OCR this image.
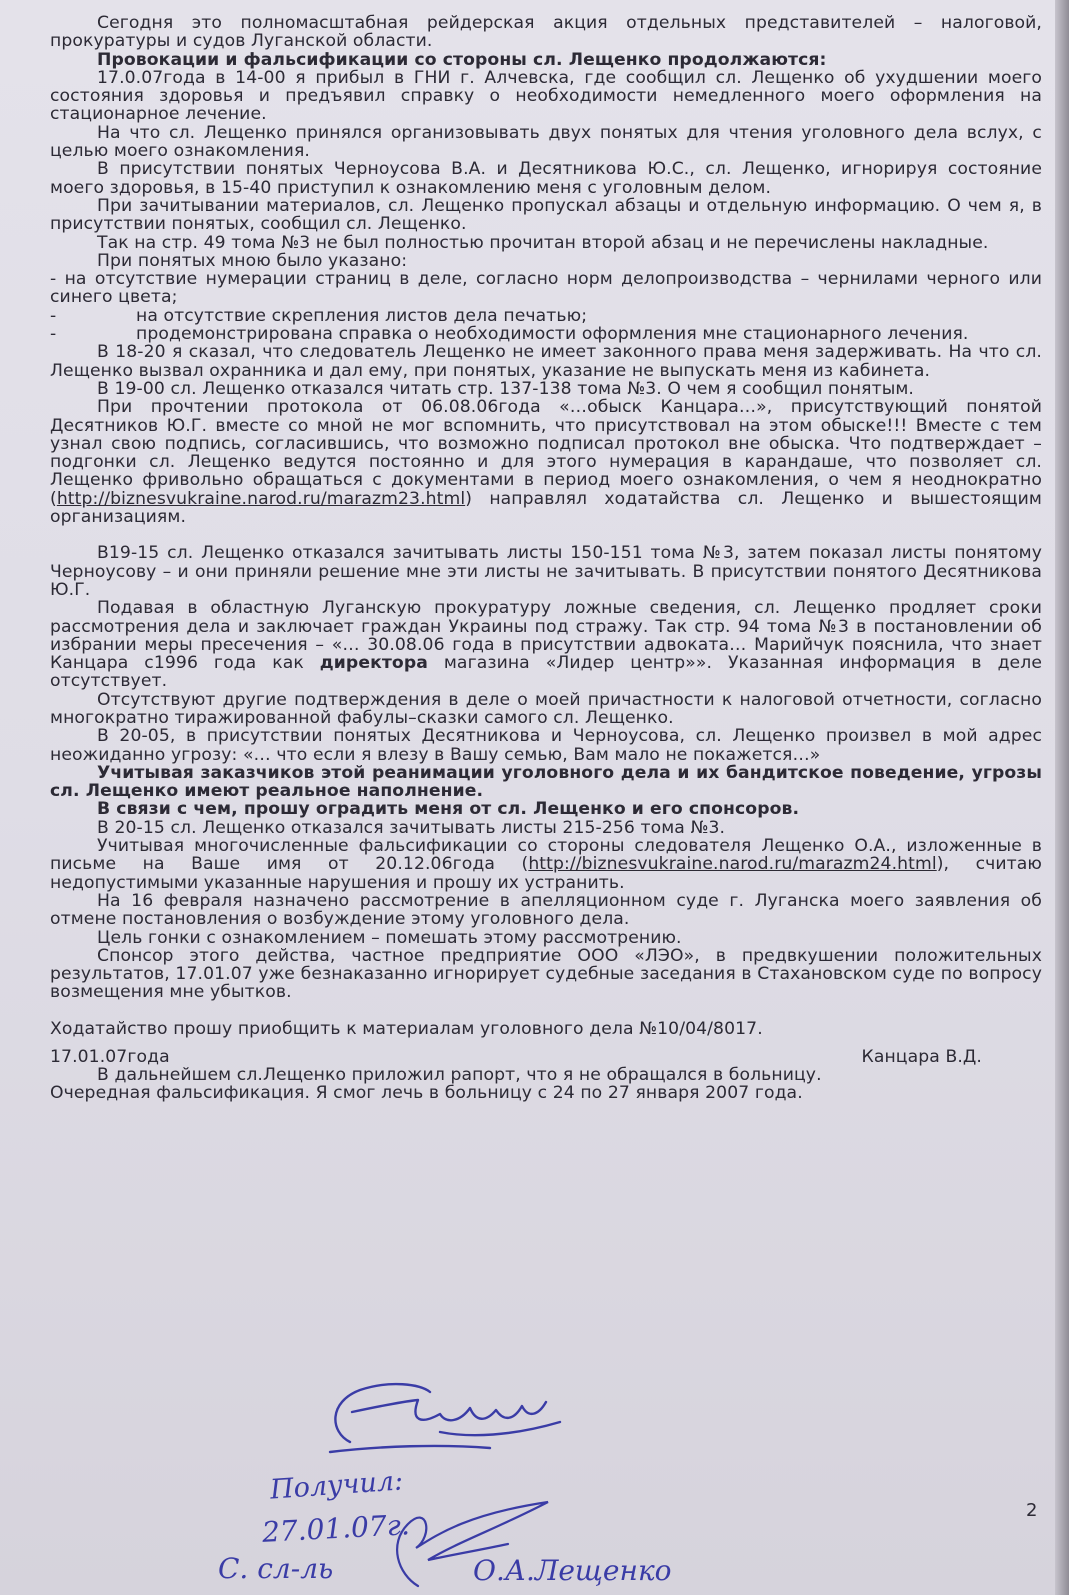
Сегодня это полномасштабная рейдерская акция отдельных представителей – налоговой, прокуратуры и судов Луганской области.

Провокации и фальсификации со стороны сл. Лещенко продолжаются:

17.0.07года в 14-00 я прибыл в ГНИ г. Алчевска, где сообщил сл. Лещенко об ухудшении моего состояния здоровья и предъявил справку о необходимости немедленного моего оформления на стационарное лечение.

На что сл. Лещенко принялся организовывать двух понятых для чтения уголовного дела вслух, с целью моего ознакомления.

В присутствии понятых Черноусова В.А. и Десятникова Ю.С., сл. Лещенко, игнорируя состояние моего здоровья, в 15-40 приступил к ознакомлению меня с уголовным делом.

При зачитывании материалов, сл. Лещенко пропускал абзацы и отдельную информацию. О чем я, в присутствии понятых, сообщил сл. Лещенко.

Так на стр. 49 тома №3 не был полностью прочитан второй абзац и не перечислены накладные.

При понятых мною было указано:

- на отсутствие нумерации страниц в деле, согласно норм делопроизводства – чернилами черного или синего цвета;
- на отсутствие скрепления листов дела печатью;
- продемонстрирована справка о необходимости оформления мне стационарного лечения.

В 18-20 я сказал, что следователь Лещенко не имеет законного права меня задерживать. На что сл. Лещенко вызвал охранника и дал ему, при понятых, указание не выпускать меня из кабинета.

В 19-00 сл. Лещенко отказался читать стр. 137-138 тома №3. О чем я сообщил понятым.

При прочтении протокола от 06.08.06года «…обыск Канцара…», присутствующий понятой Десятников Ю.Г. вместе со мной не мог вспомнить, что присутствовал на этом обыске!!! Вместе с тем узнал свою подпись, согласившись, что возможно подписал протокол вне обыска. Что подтверждает – подгонки сл. Лещенко ведутся постоянно и для этого нумерация в карандаше, что позволяет сл. Лещенко фривольно обращаться с документами в период моего ознакомления, о чем я неоднократно (http://biznesvukraine.narod.ru/marazm23.html) направлял ходатайства сл. Лещенко и вышестоящим организациям.

В19-15 сл. Лещенко отказался зачитывать листы 150-151 тома №3, затем показал листы понятому Черноусову – и они приняли решение мне эти листы не зачитывать. В присутствии понятого Десятникова Ю.Г.

Подавая в областную Луганскую прокуратуру ложные сведения, сл. Лещенко продляет сроки рассмотрения дела и заключает граждан Украины под стражу. Так стр. 94 тома №3 в постановлении об избрании меры пресечения – «… 30.08.06 года в присутствии адвоката… Марийчук пояснила, что знает Канцара с1996 года как директора магазина «Лидер центр»». Указанная информация в деле отсутствует.

Отсутствуют другие подтверждения в деле о моей причастности к налоговой отчетности, согласно многократно тиражированной фабулы–сказки самого сл. Лещенко.

В 20-05, в присутствии понятых Десятникова и Черноусова, сл. Лещенко произвел в мой адрес неожиданно угрозу: «… что если я влезу в Вашу семью, Вам мало не покажется…»

Учитывая заказчиков этой реанимации уголовного дела и их бандитское поведение, угрозы сл. Лещенко имеют реальное наполнение.

В связи с чем, прошу оградить меня от сл. Лещенко и его спонсоров.

В 20-15 сл. Лещенко отказался зачитывать листы 215-256 тома №3.

Учитывая многочисленные фальсификации со стороны следователя Лещенко О.А., изложенные в письме на Ваше имя от 20.12.06года (http://biznesvukraine.narod.ru/marazm24.html), считаю недопустимыми указанные нарушения и прошу их устранить.

На 16 февраля назначено рассмотрение в апелляционном суде г. Луганска моего заявления об отмене постановления о возбуждение этому уголовного дела.

Цель гонки с ознакомлением – помешать этому рассмотрению.

Спонсор этого действа, частное предприятие ООО «ЛЭО», в предвкушении положительных результатов, 17.01.07 уже безнаказанно игнорирует судебные заседания в Стахановском суде по вопросу возмещения мне убытков.

Ходатайство прошу приобщить к материалам уголовного дела №10/04/8017.

17.01.07года	Канцара В.Д.

В дальнейшем сл.Лещенко приложил рапорт, что я не обращался в больницу.

Очередная фальсификация. Я смог лечь в больницу с 24 по 27 января 2007 года.

Получил:
27.01.07г.
С. сл-ль	О.А.Лещенко
2
